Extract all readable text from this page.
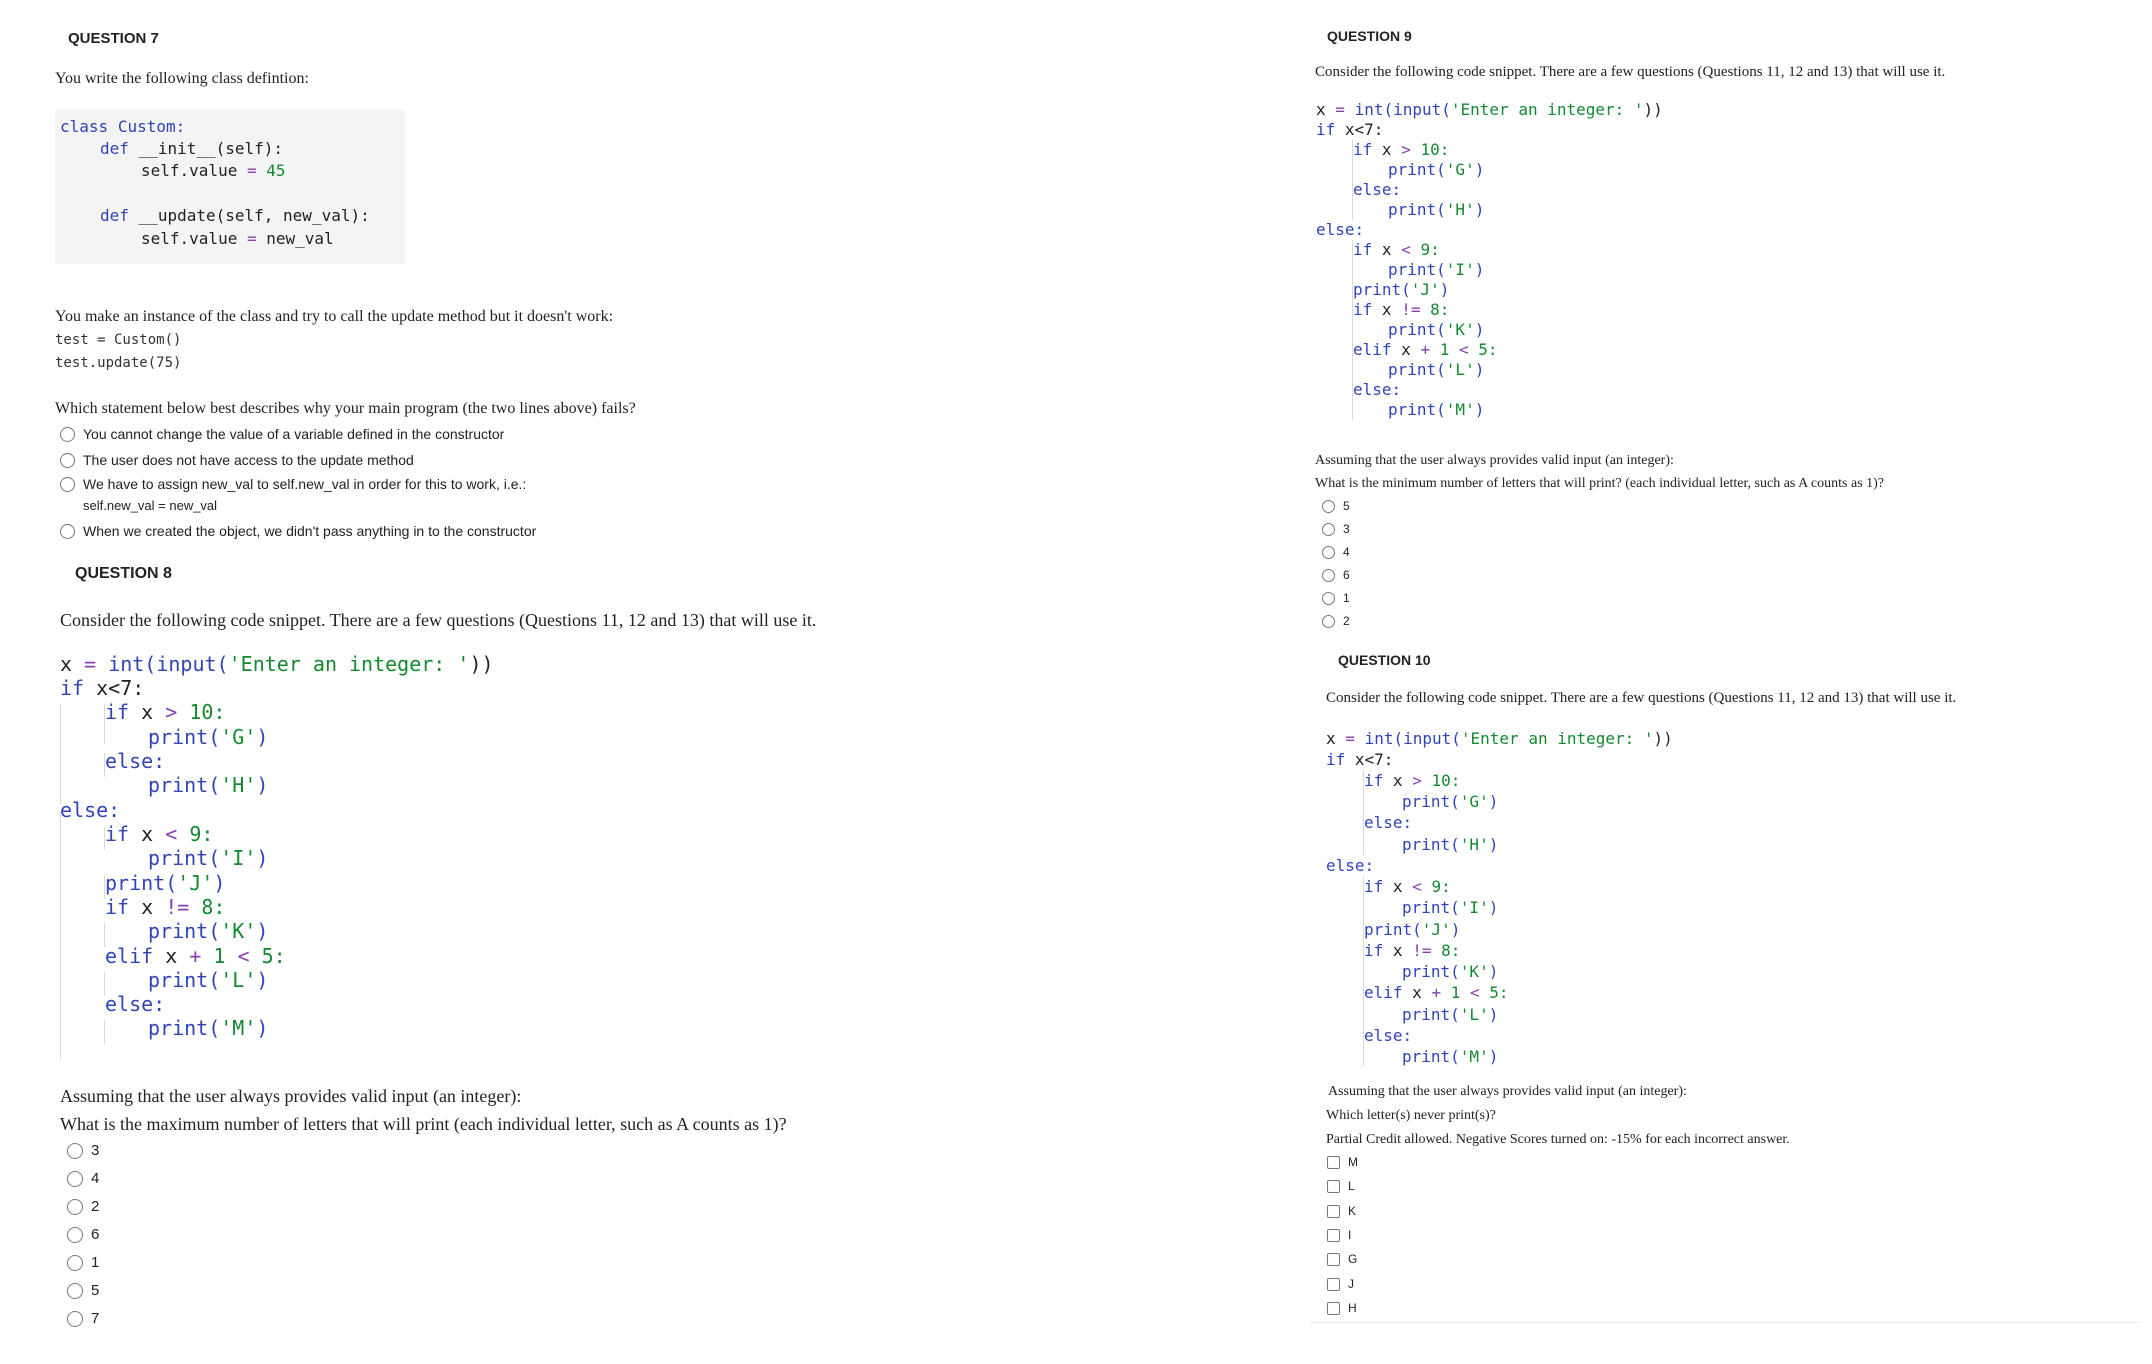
QUESTION 7
You write the following class defintion:
class Custom:
def __init__(self):
self.value = 45
def __update(self, new_val):
self.value = new_val
You make an instance of the class and try to call the update method but it doesn't work:
test = Custom()
test.update(75)
Which statement below best describes why your main program (the two lines above) fails?
You cannot change the value of a variable defined in the constructor
The user does not have access to the update method
We have to assign new_val to self.new_val in order for this to work, i.e.:
self.new_val = new_val
When we created the object, we didn't pass anything in to the constructor
QUESTION 8
Consider the following code snippet. There are a few questions (Questions 11, 12 and 13) that will use it.
x = int(input('Enter an integer: '))
if x<7:
if x > 10:
print('G')
else:
print('H')
else:
if x < 9:
print('I')
print('J')
if x != 8:
print('K')
elif x + 1 < 5:
print('L')
else:
print('M')
Assuming that the user always provides valid input (an integer):
What is the maximum number of letters that will print (each individual letter, such as A counts as 1)?
3
4
2
6
1
5
7
QUESTION 9
Consider the following code snippet. There are a few questions (Questions 11, 12 and 13) that will use it.
x = int(input('Enter an integer: '))
if x<7:
if x > 10:
print('G')
else:
print('H')
else:
if x < 9:
print('I')
print('J')
if x != 8:
print('K')
elif x + 1 < 5:
print('L')
else:
print('M')
Assuming that the user always provides valid input (an integer):
What is the minimum number of letters that will print? (each individual letter, such as A counts as 1)?
5
3
4
6
1
2
QUESTION 10
Consider the following code snippet. There are a few questions (Questions 11, 12 and 13) that will use it.
x = int(input('Enter an integer: '))
if x<7:
if x > 10:
print('G')
else:
print('H')
else:
if x < 9:
print('I')
print('J')
if x != 8:
print('K')
elif x + 1 < 5:
print('L')
else:
print('M')
Assuming that the user always provides valid input (an integer):
Which letter(s) never print(s)?
Partial Credit allowed. Negative Scores turned on: -15% for each incorrect answer.
M
L
K
I
G
J
H
